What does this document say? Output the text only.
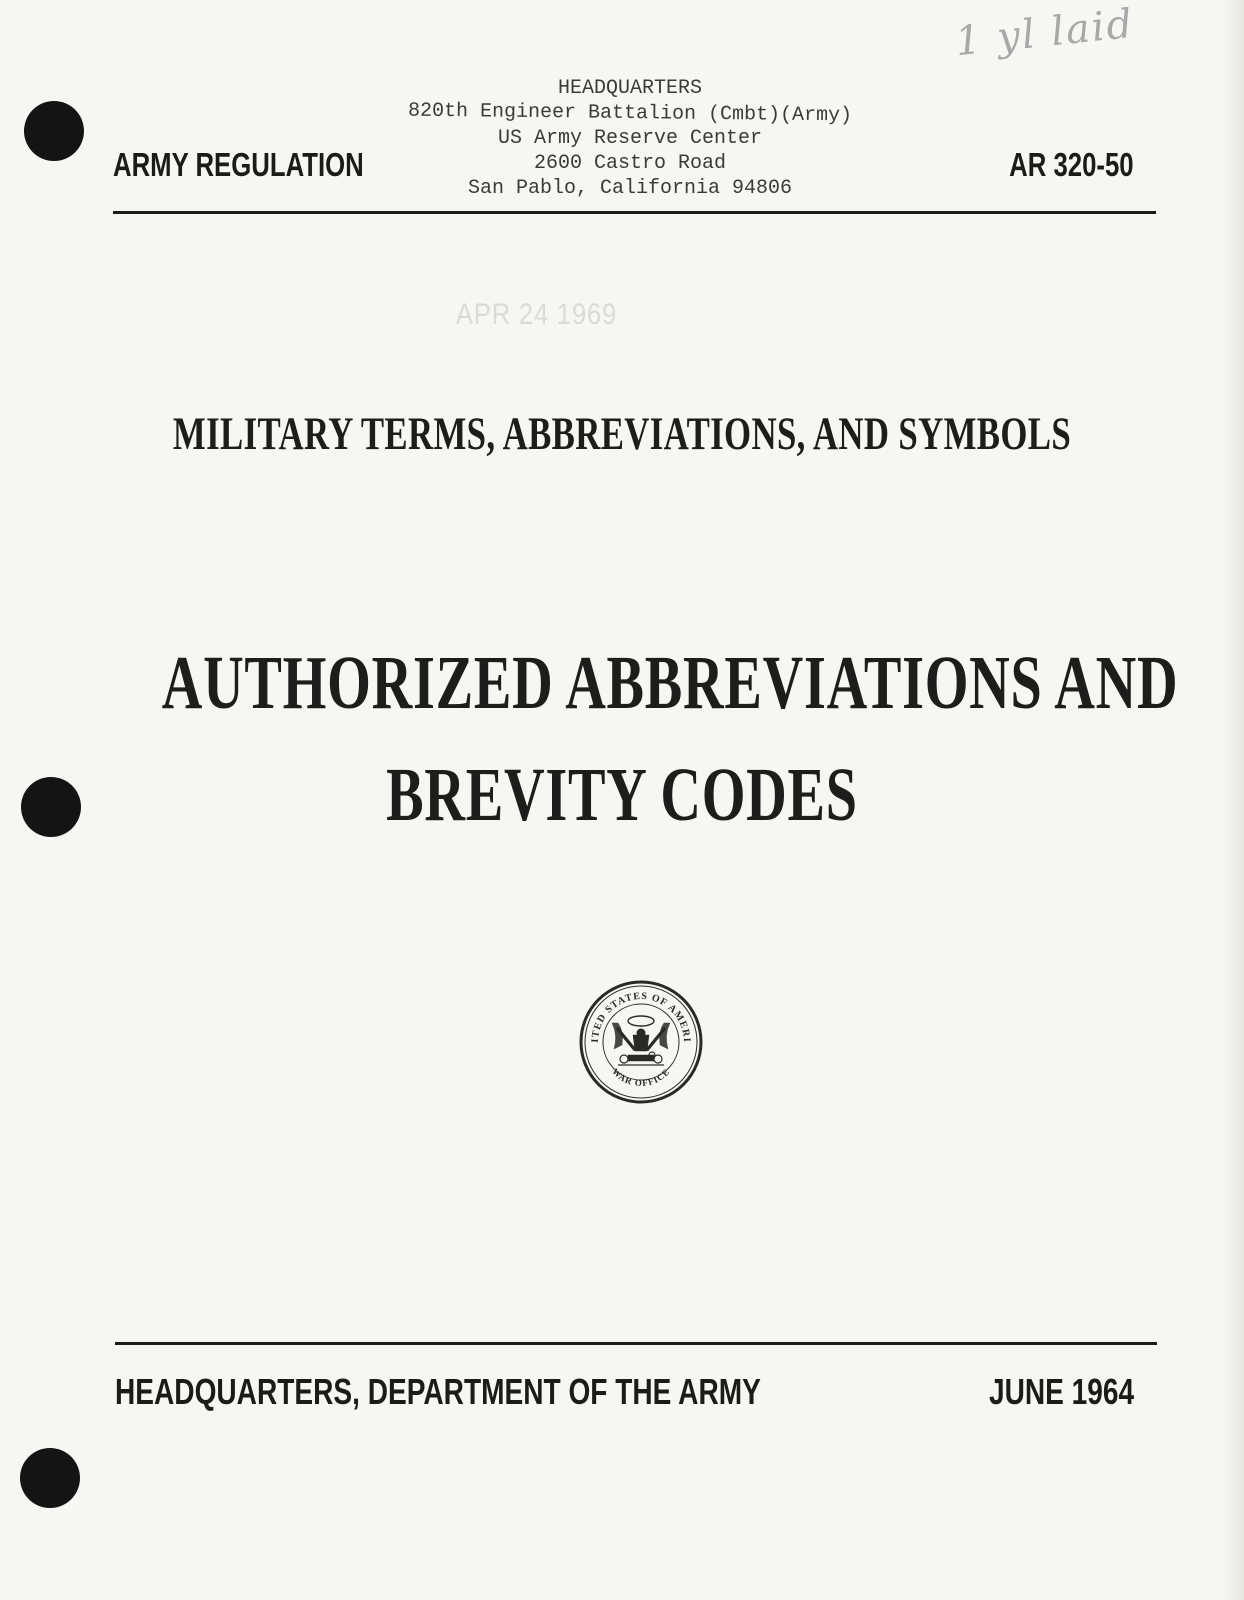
1 yl laid
HEADQUARTERS
820th Engineer Battalion (Cmbt)(Army)
US Army Reserve Center
2600 Castro Road
San Pablo, California 94806
ARMY REGULATION	AR 320-50
APR 24 1969
MILITARY TERMS, ABBREVIATIONS, AND SYMBOLS
AUTHORIZED ABBREVIATIONS AND
BREVITY CODES
ITED STATES OF AMERI
WAR OFFICE
HEADQUARTERS, DEPARTMENT OF THE ARMY	JUNE 1964
